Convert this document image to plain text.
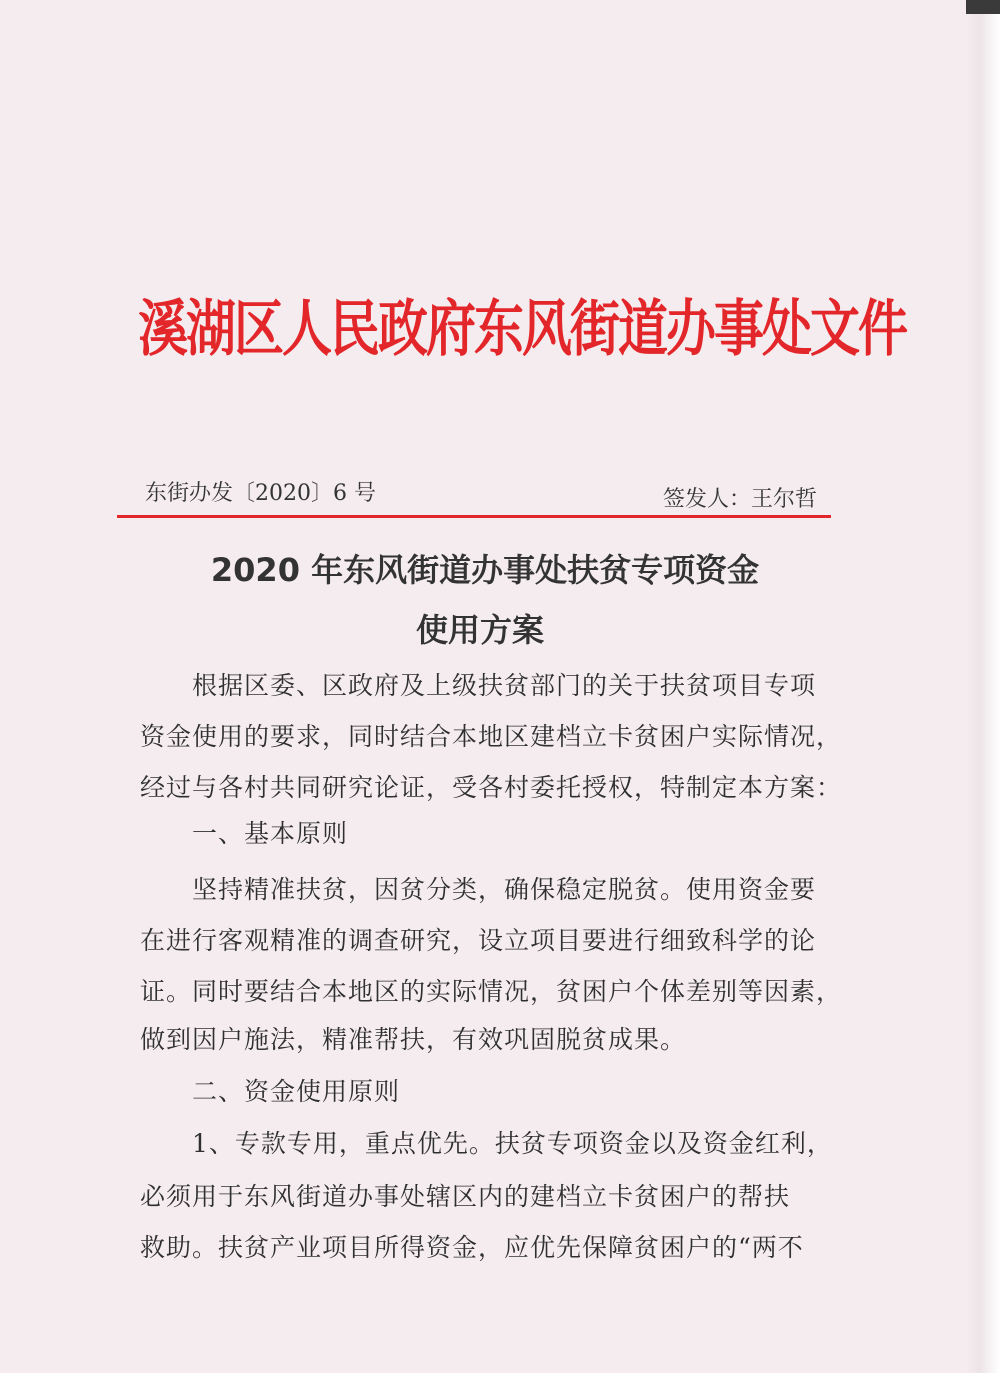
溪湖区人民政府东风街道办事处文件
东街办发〔2020〕6 号	签发人：王尔哲
2020 年东风街道办事处扶贫专项资金
使用方案
根据区委、区政府及上级扶贫部门的关于扶贫项目专项
资金使用的要求，同时结合本地区建档立卡贫困户实际情况，
经过与各村共同研究论证，受各村委托授权，特制定本方案：
一、基本原则
坚持精准扶贫，因贫分类，确保稳定脱贫。使用资金要
在进行客观精准的调查研究，设立项目要进行细致科学的论
证。同时要结合本地区的实际情况，贫困户个体差别等因素，
做到因户施法，精准帮扶，有效巩固脱贫成果。
二、资金使用原则
1、专款专用，重点优先。扶贫专项资金以及资金红利，
必须用于东风街道办事处辖区内的建档立卡贫困户的帮扶
救助。扶贫产业项目所得资金，应优先保障贫困户的“两不
